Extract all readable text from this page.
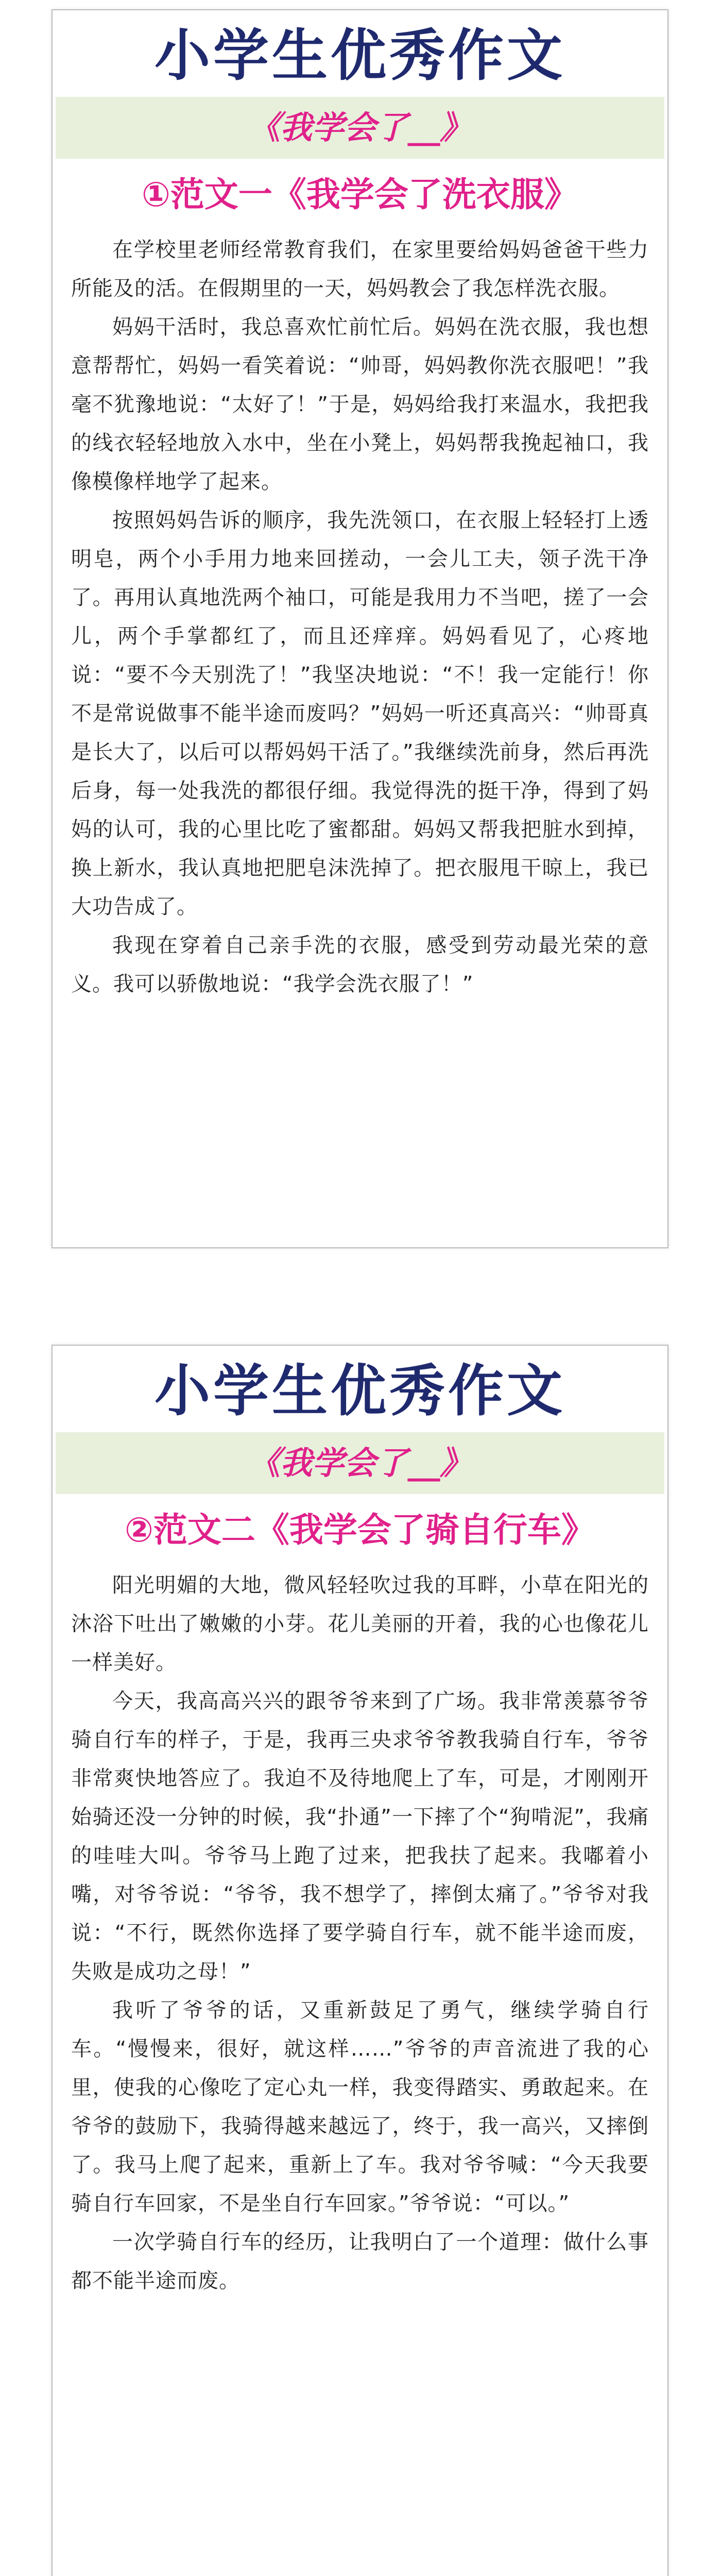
小学生优秀作文
《我学会了__》
①范文一《我学会了洗衣服》

在学校里老师经常教育我们，在家里要给妈妈爸爸干些力所能及的活。在假期里的一天，妈妈教会了我怎样洗衣服。

妈妈干活时，我总喜欢忙前忙后。妈妈在洗衣服，我也想意帮帮忙，妈妈一看笑着说：“帅哥，妈妈教你洗衣服吧！”我毫不犹豫地说：“太好了！”于是，妈妈给我打来温水，我把我的线衣轻轻地放入水中，坐在小凳上，妈妈帮我挽起袖口，我像模像样地学了起来。

按照妈妈告诉的顺序，我先洗领口，在衣服上轻轻打上透明皂，两个小手用力地来回搓动，一会儿工夫，领子洗干净了。再用认真地洗两个袖口，可能是我用力不当吧，搓了一会儿，两个手掌都红了，而且还痒痒。妈妈看见了，心疼地说：“要不今天别洗了！”我坚决地说：“不！我一定能行！你不是常说做事不能半途而废吗？”妈妈一听还真高兴：“帅哥真是长大了，以后可以帮妈妈干活了。”我继续洗前身，然后再洗后身，每一处我洗的都很仔细。我觉得洗的挺干净，得到了妈妈的认可，我的心里比吃了蜜都甜。妈妈又帮我把脏水到掉，换上新水，我认真地把肥皂沫洗掉了。把衣服甩干晾上，我已大功告成了。

我现在穿着自己亲手洗的衣服，感受到劳动最光荣的意义。我可以骄傲地说：“我学会洗衣服了！”

小学生优秀作文
《我学会了__》
②范文二《我学会了骑自行车》

阳光明媚的大地，微风轻轻吹过我的耳畔，小草在阳光的沐浴下吐出了嫩嫩的小芽。花儿美丽的开着，我的心也像花儿一样美好。

今天，我高高兴兴的跟爷爷来到了广场。我非常羡慕爷爷骑自行车的样子，于是，我再三央求爷爷教我骑自行车，爷爷非常爽快地答应了。我迫不及待地爬上了车，可是，才刚刚开始骑还没一分钟的时候，我“扑通”一下摔了个“狗啃泥”，我痛的哇哇大叫。爷爷马上跑了过来，把我扶了起来。我嘟着小嘴，对爷爷说：“爷爷，我不想学了，摔倒太痛了。”爷爷对我说：“不行，既然你选择了要学骑自行车，就不能半途而废，失败是成功之母！”

我听了爷爷的话，又重新鼓足了勇气，继续学骑自行车。“慢慢来，很好，就这样……”爷爷的声音流进了我的心里，使我的心像吃了定心丸一样，我变得踏实、勇敢起来。在爷爷的鼓励下，我骑得越来越远了，终于，我一高兴，又摔倒了。我马上爬了起来，重新上了车。我对爷爷喊：“今天我要骑自行车回家，不是坐自行车回家。”爷爷说：“可以。”

一次学骑自行车的经历，让我明白了一个道理：做什么事都不能半途而废。
